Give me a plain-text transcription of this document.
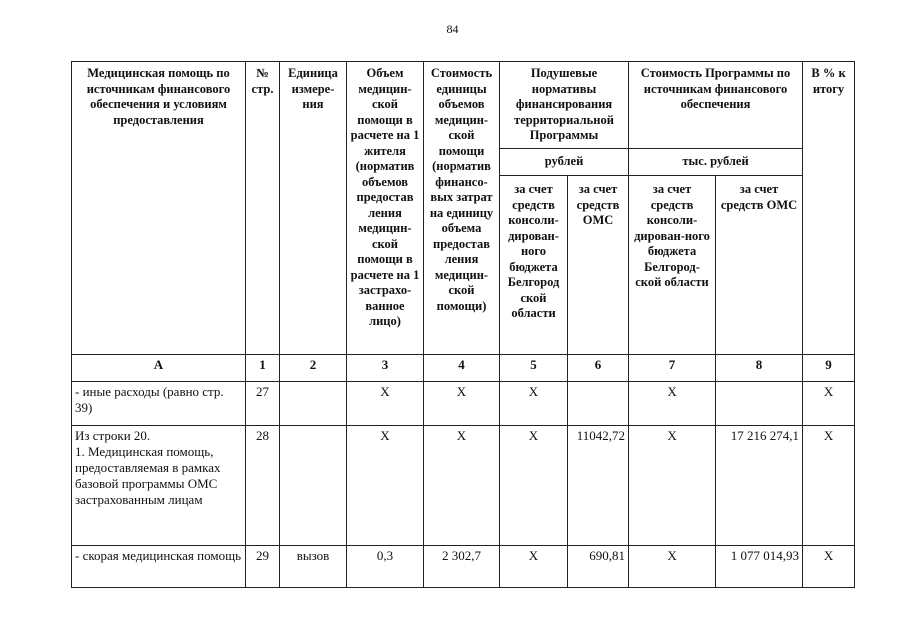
84
Медицинская помощь по источникам финансового обеспечения и условиям предоставления	№ стр.	Единица измере-ния	Объем медицин-ской помощи в расчете на 1 жителя (норматив объемов предостав ления медицин-ской помощи в расчете на 1 застрахо-ванное лицо)	Стоимость единицы объемов медицин-ской помощи (норматив финансо-вых затрат на единицу объема предостав ления медицин-ской помощи)	Подушевые нормативы финансирования территориальной Программы		Стоимость Программы по источникам финансового обеспечения		В % к итогу
					рублей		тыс. рублей		
					за счет средств консоли-дирован-ного бюджета Белгород ской области	за счет средств ОМС	за счет средств консоли-дирован-ного бюджета Белгород-ской области	за счет средств ОМС	
А	1	2	3	4	5	6	7	8	9
- иные расходы (равно стр. 39)	27		Х	Х	Х		Х		Х

Из строки 20.
1. Медицинская помощь, предоставляемая в рамках базовой программы ОМС застрахованным лицам	28		Х	Х	Х	11042,72	Х	17 216 274,1	Х
- скорая медицинская помощь	29	вызов	0,3	2 302,7	Х	690,81	Х	1 077 014,93	Х
